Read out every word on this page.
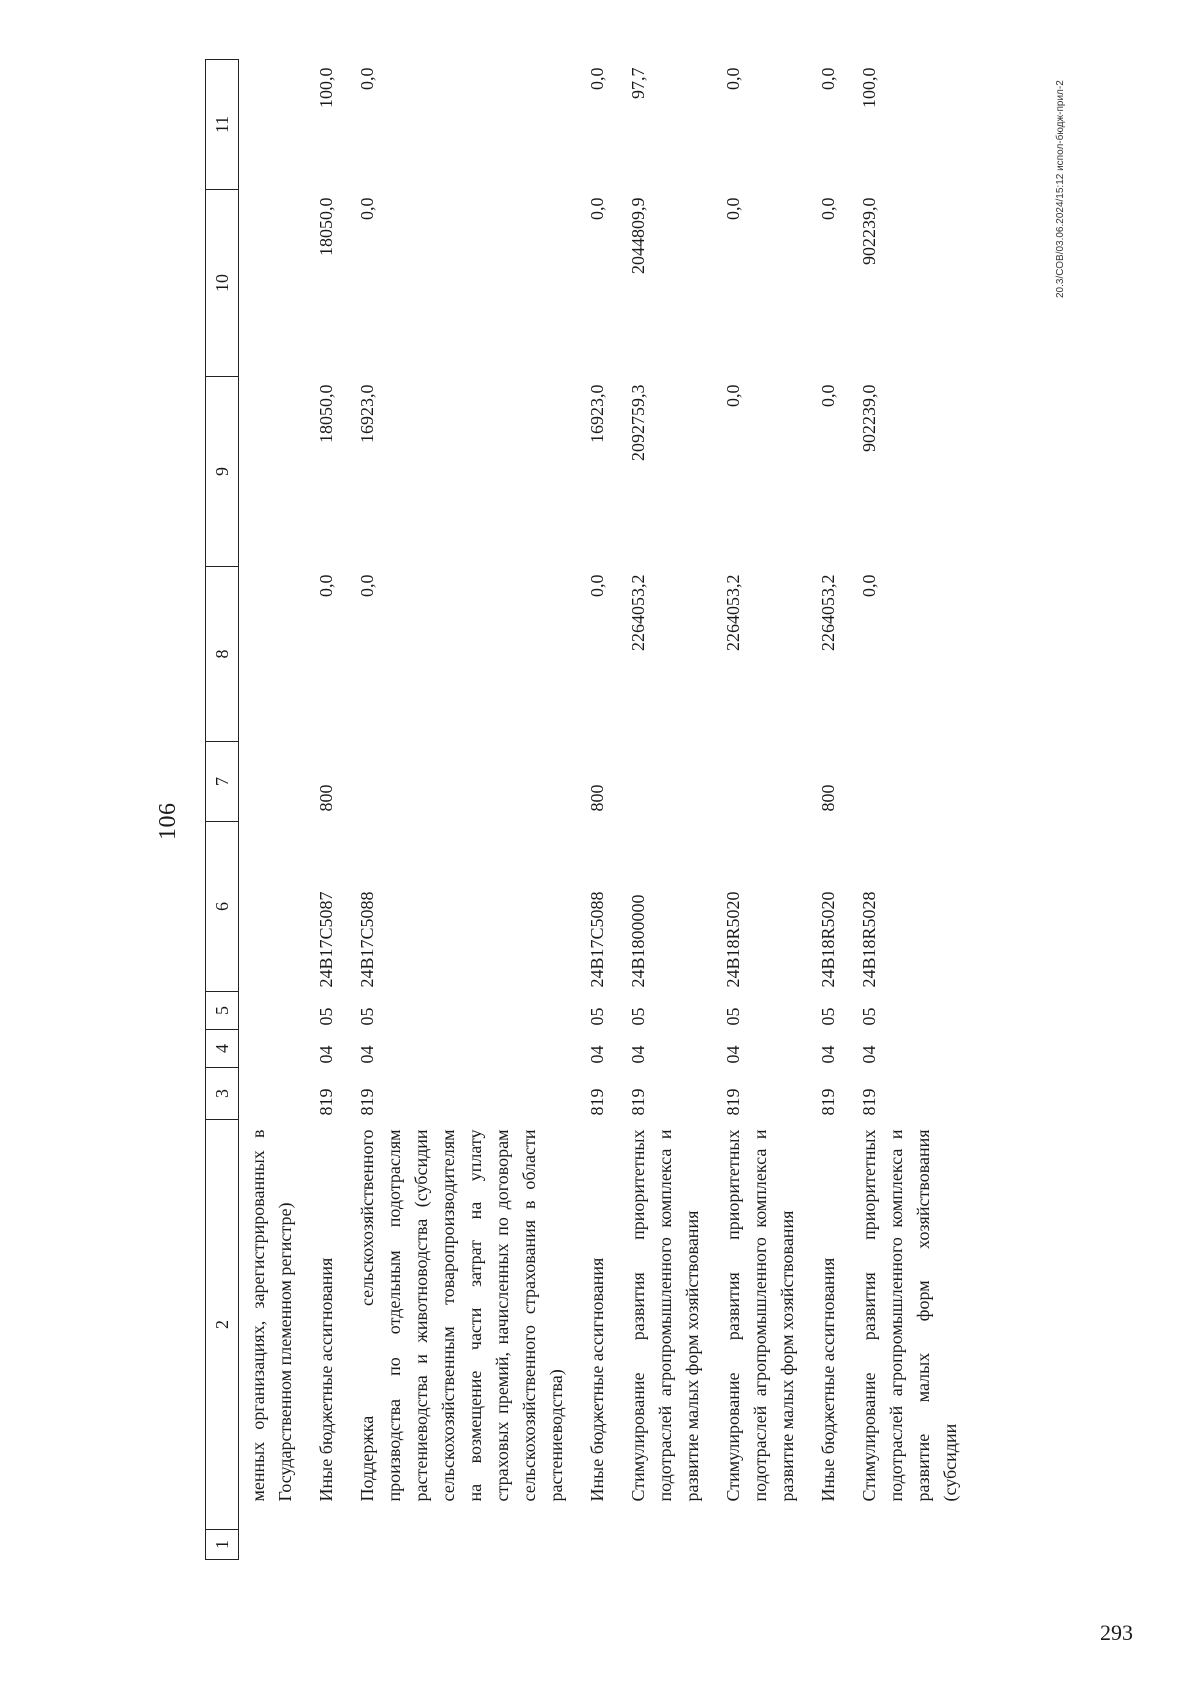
106
1	2	3	4	5	6	7	8	9	10	11
	менных организациях, зарегистрированных в Государственном племенном регистре)									
	Иные бюджетные ассигнования	819	04	05	24В17С5087	800	0,0	18050,0	18050,0	100,0
	Поддержка сельскохозяйственного производства по отдельным подотраслям растениеводства и животноводства (субсидии сельскохозяйственным товаропроизводителям на возмещение части затрат на уплату страховых премий, начисленных по договорам сельскохозяйственного страхования в области растениеводства)	819	04	05	24В17С5088		0,0	16923,0	0,0	0,0
	Иные бюджетные ассигнования	819	04	05	24В17С5088	800	0,0	16923,0	0,0	0,0
	Стимулирование развития приоритетных подотраслей агропромышленного комплекса и развитие малых форм хозяйствования	819	04	05	24В1800000		2264053,2	2092759,3	2044809,9	97,7
	Стимулирование развития приоритетных подотраслей агропромышленного комплекса и развитие малых форм хозяйствования	819	04	05	24В18R5020		2264053,2	0,0	0,0	0,0
	Иные бюджетные ассигнования	819	04	05	24В18R5020	800	2264053,2	0,0	0,0	0,0
	Стимулирование развития приоритетных подотраслей агропромышленного комплекса и развитие малых форм хозяйствования (субсидии	819	04	05	24В18R5028		0,0	902239,0	902239,0	100,0	20.3/СОВ/03.06.2024/15:12 испол-бюдж-прил-2
293
